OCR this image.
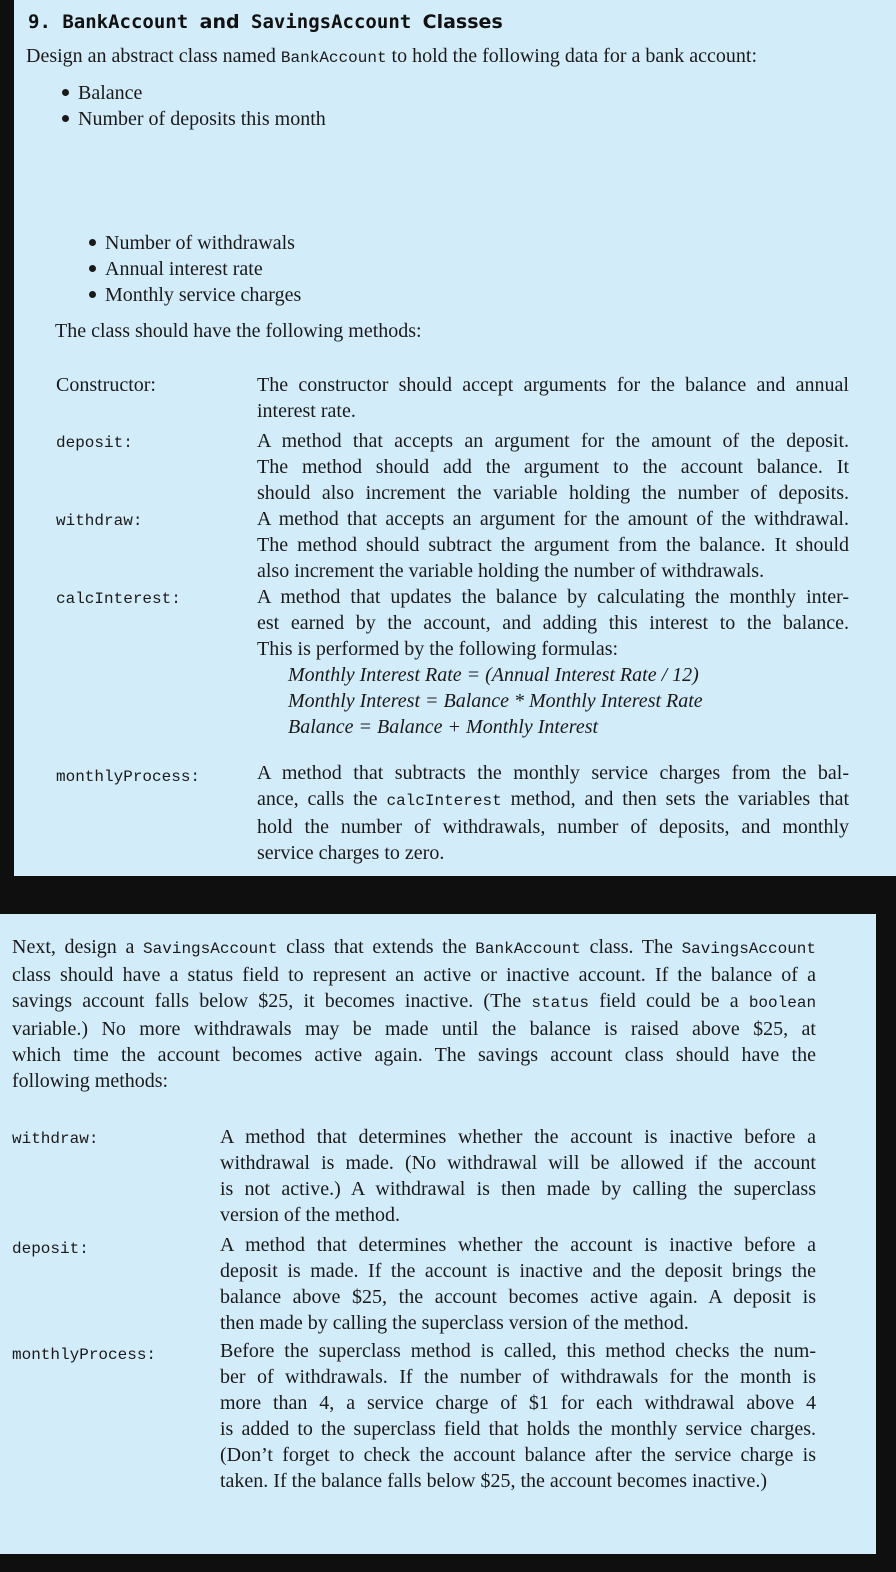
9. BankAccount and SavingsAccount Classes
Design an abstract class named BankAccount to hold the following data for a bank account:
Balance
Number of deposits this month
Number of withdrawals
Annual interest rate
Monthly service charges
The class should have the following methods:
Constructor:	The constructor should accept arguments for the balance and annual
interest rate.
deposit:	A method that accepts an argument for the amount of the deposit.
The method should add the argument to the account balance. It
should also increment the variable holding the number of deposits.
withdraw:	A method that accepts an argument for the amount of the withdrawal.
The method should subtract the argument from the balance. It should
also increment the variable holding the number of withdrawals.
calcInterest:	A method that updates the balance by calculating the monthly inter-
est earned by the account, and adding this interest to the balance.
This is performed by the following formulas:
Monthly Interest Rate = (Annual Interest Rate / 12)
Monthly Interest = Balance * Monthly Interest Rate
Balance = Balance + Monthly Interest
monthlyProcess:	A method that subtracts the monthly service charges from the bal-
ance, calls the calcInterest method, and then sets the variables that
hold the number of withdrawals, number of deposits, and monthly
service charges to zero.
Next, design a SavingsAccount class that extends the BankAccount class. The SavingsAccount
class should have a status field to represent an active or inactive account. If the balance of a
savings account falls below $25, it becomes inactive. (The status field could be a boolean
variable.) No more withdrawals may be made until the balance is raised above $25, at
which time the account becomes active again. The savings account class should have the
following methods:
withdraw:	A method that determines whether the account is inactive before a
withdrawal is made. (No withdrawal will be allowed if the account
is not active.) A withdrawal is then made by calling the superclass
version of the method.
deposit:	A method that determines whether the account is inactive before a
deposit is made. If the account is inactive and the deposit brings the
balance above $25, the account becomes active again. A deposit is
then made by calling the superclass version of the method.
monthlyProcess:	Before the superclass method is called, this method checks the num-
ber of withdrawals. If the number of withdrawals for the month is
more than 4, a service charge of $1 for each withdrawal above 4
is added to the superclass field that holds the monthly service charges.
(Don’t forget to check the account balance after the service charge is
taken. If the balance falls below $25, the account becomes inactive.)
